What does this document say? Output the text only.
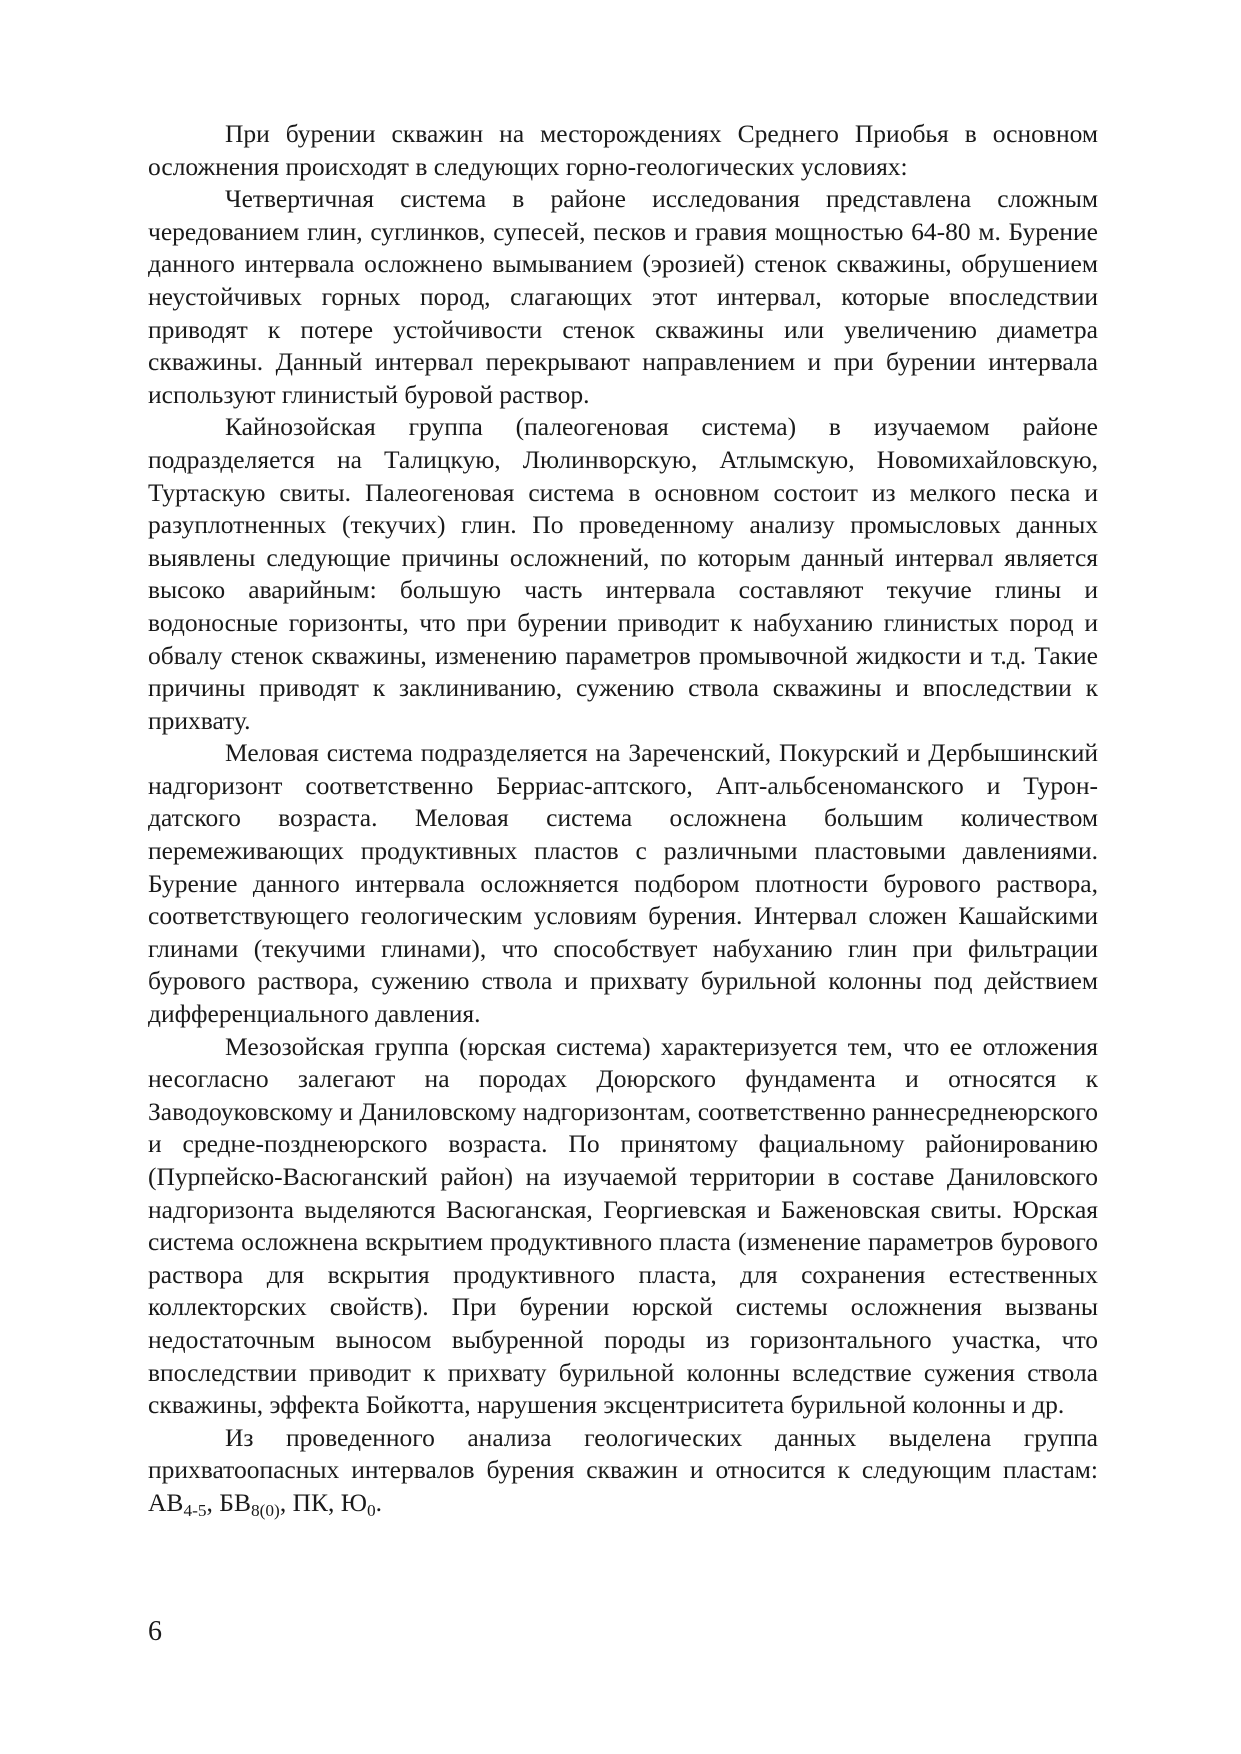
При бурении скважин на месторождениях Среднего Приобья в основном осложнения происходят в следующих горно-геологических условиях:

Четвертичная система в районе исследования представлена сложным чередованием глин, суглинков, супесей, песков и гравия мощностью 64-80 м. Бурение данного интервала осложнено вымыванием (эрозией) стенок скважины, обрушением неустойчивых горных пород, слагающих этот интервал, которые впоследствии приводят к потере устойчивости стенок скважины или увеличению диаметра скважины. Данный интервал перекрывают направлением и при бурении интервала используют глинистый буровой раствор.

Кайнозойская группа (палеогеновая система) в изучаемом районе подразделяется на Талицкую, Люлинворскую, Атлымскую, Новомихайловскую, Туртаскую свиты. Палеогеновая система в основном состоит из мелкого песка и разуплотненных (текучих) глин. По проведенному анализу промысловых данных выявлены следующие причины осложнений, по которым данный интервал является высоко аварийным: большую часть интервала составляют текучие глины и водоносные горизонты, что при бурении приводит к набуханию глинистых пород и обвалу стенок скважины, изменению параметров промывочной жидкости и т.д. Такие причины приводят к заклиниванию, сужению ствола скважины и впоследствии к прихвату.

Меловая система подразделяется на Зареченский, Покурский и Дербышинский надгоризонт соответственно Берриас-аптского, Апт-альбсеноманского и Турон-датского возраста. Меловая система осложнена большим количеством перемеживающих продуктивных пластов с различными пластовыми давлениями. Бурение данного интервала осложняется подбором плотности бурового раствора, соответствующего геологическим условиям бурения. Интервал сложен Кашайскими глинами (текучими глинами), что способствует набуханию глин при фильтрации бурового раствора, сужению ствола и прихвату бурильной колонны под действием дифференциального давления.

Мезозойская группа (юрская система) характеризуется тем, что ее отложения несогласно залегают на породах Доюрского фундамента и относятся к Заводоуковскому и Даниловскому надгоризонтам, соответственно раннесреднеюрского и средне-позднеюрского возраста. По принятому фациальному районированию (Пурпейско-Васюганский район) на изучаемой территории в составе Даниловского надгоризонта выделяются Васюганская, Георгиевская и Баженовская свиты. Юрская система осложнена вскрытием продуктивного пласта (изменение параметров бурового раствора для вскрытия продуктивного пласта, для сохранения естественных коллекторских свойств). При бурении юрской системы осложнения вызваны недостаточным выносом выбуренной породы из горизонтального участка, что впоследствии приводит к прихвату бурильной колонны вследствие сужения ствола скважины, эффекта Бойкотта, нарушения эксцентриситета бурильной колонны и др.

Из проведенного анализа геологических данных выделена группа прихватоопасных интервалов бурения скважин и относится к следующим пластам: $АВ_{4-5}$, $БВ_{8(0)}$, ПК, $Ю_0$.

6
